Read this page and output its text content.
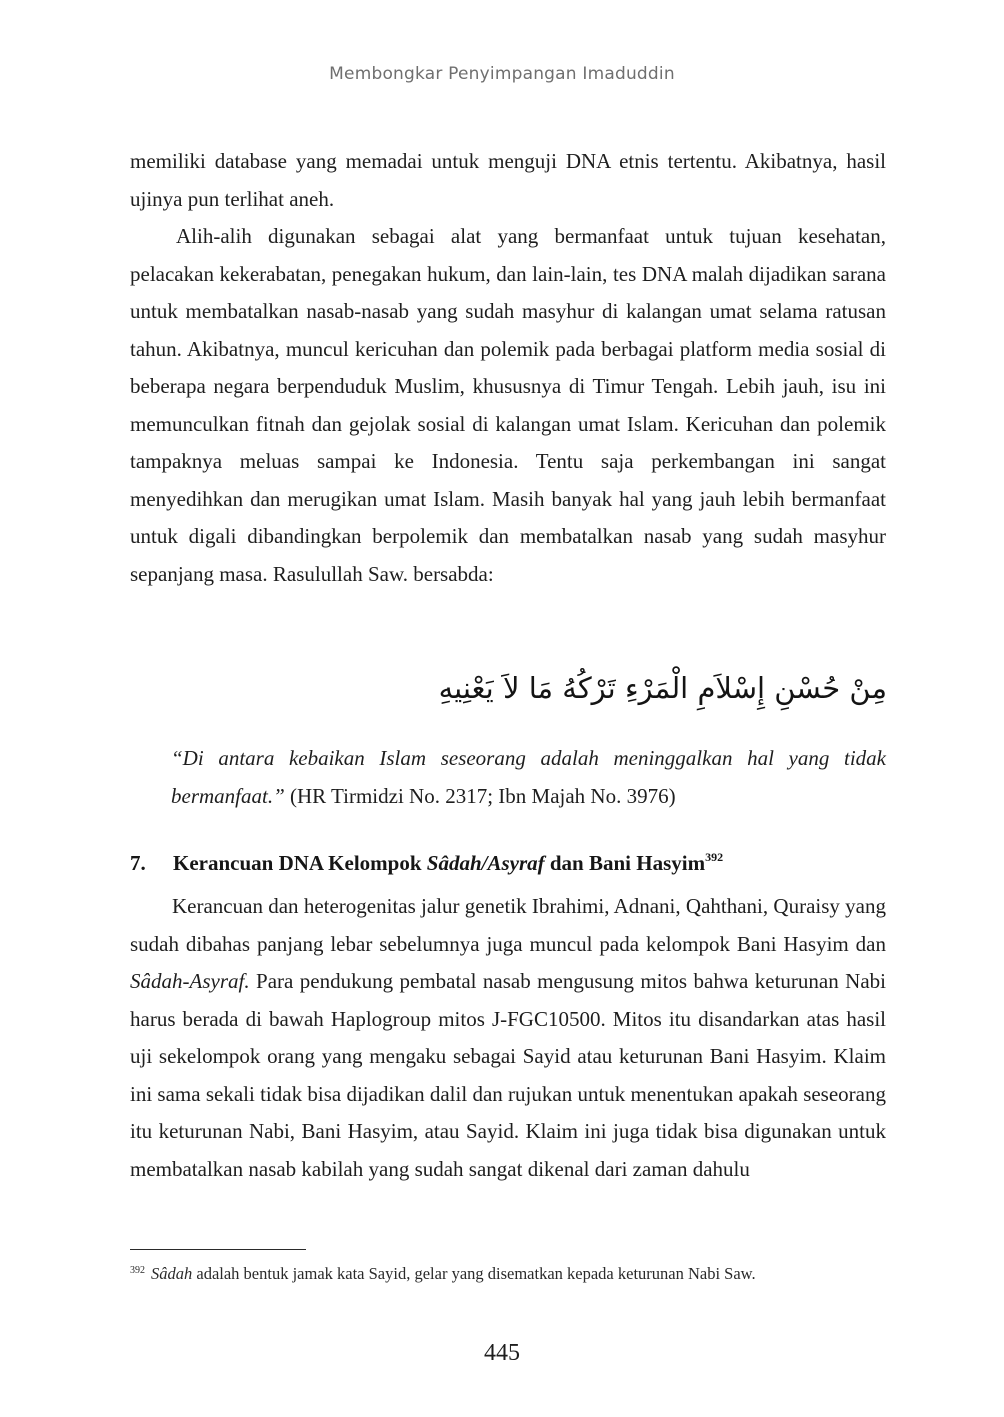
Membongkar Penyimpangan Imaduddin

memiliki database yang memadai untuk menguji DNA etnis tertentu. Akibatnya, hasil ujinya pun terlihat aneh.

Alih-alih digunakan sebagai alat yang bermanfaat untuk tujuan kesehatan, pelacakan kekerabatan, penegakan hukum, dan lain-lain, tes DNA malah dijadikan sarana untuk membatalkan nasab-nasab yang sudah masyhur di kalangan umat selama ratusan tahun. Akibatnya, muncul kericuhan dan polemik pada berbagai platform media sosial di beberapa negara berpenduduk Muslim, khususnya di Timur Tengah. Lebih jauh, isu ini memunculkan fitnah dan gejolak sosial di kalangan umat Islam. Kericuhan dan polemik tampaknya meluas sampai ke Indonesia. Tentu saja perkembangan ini sangat menyedihkan dan merugikan umat Islam. Masih banyak hal yang jauh lebih bermanfaat untuk digali dibandingkan berpolemik dan membatalkan nasab yang sudah masyhur sepanjang masa. Rasulullah Saw. bersabda:

مِنْ حُسْنِ إِسْلاَمِ الْمَرْءِ تَرْكُهُ مَا لاَ يَعْنِيهِ
“Di antara kebaikan Islam seseorang adalah meninggalkan hal yang tidak bermanfaat.” (HR Tirmidzi No. 2317; Ibn Majah No. 3976)
7. Kerancuan DNA Kelompok Sâdah/Asyraf dan Bani Hasyim$^{392}$

Kerancuan dan heterogenitas jalur genetik Ibrahimi, Adnani, Qahthani, Quraisy yang sudah dibahas panjang lebar sebelumnya juga muncul pada kelompok Bani Hasyim dan Sâdah-Asyraf. Para pendukung pembatal nasab mengusung mitos bahwa keturunan Nabi harus berada di bawah Haplogroup mitos J-FGC10500. Mitos itu disandarkan atas hasil uji sekelompok orang yang mengaku sebagai Sayid atau keturunan Bani Hasyim. Klaim ini sama sekali tidak bisa dijadikan dalil dan rujukan untuk menentukan apakah seseorang itu keturunan Nabi, Bani Hasyim, atau Sayid. Klaim ini juga tidak bisa digunakan untuk membatalkan nasab kabilah yang sudah sangat dikenal dari zaman dahulu

$^{392}$ Sâdah adalah bentuk jamak kata Sayid, gelar yang disematkan kepada keturunan Nabi Saw.
445
